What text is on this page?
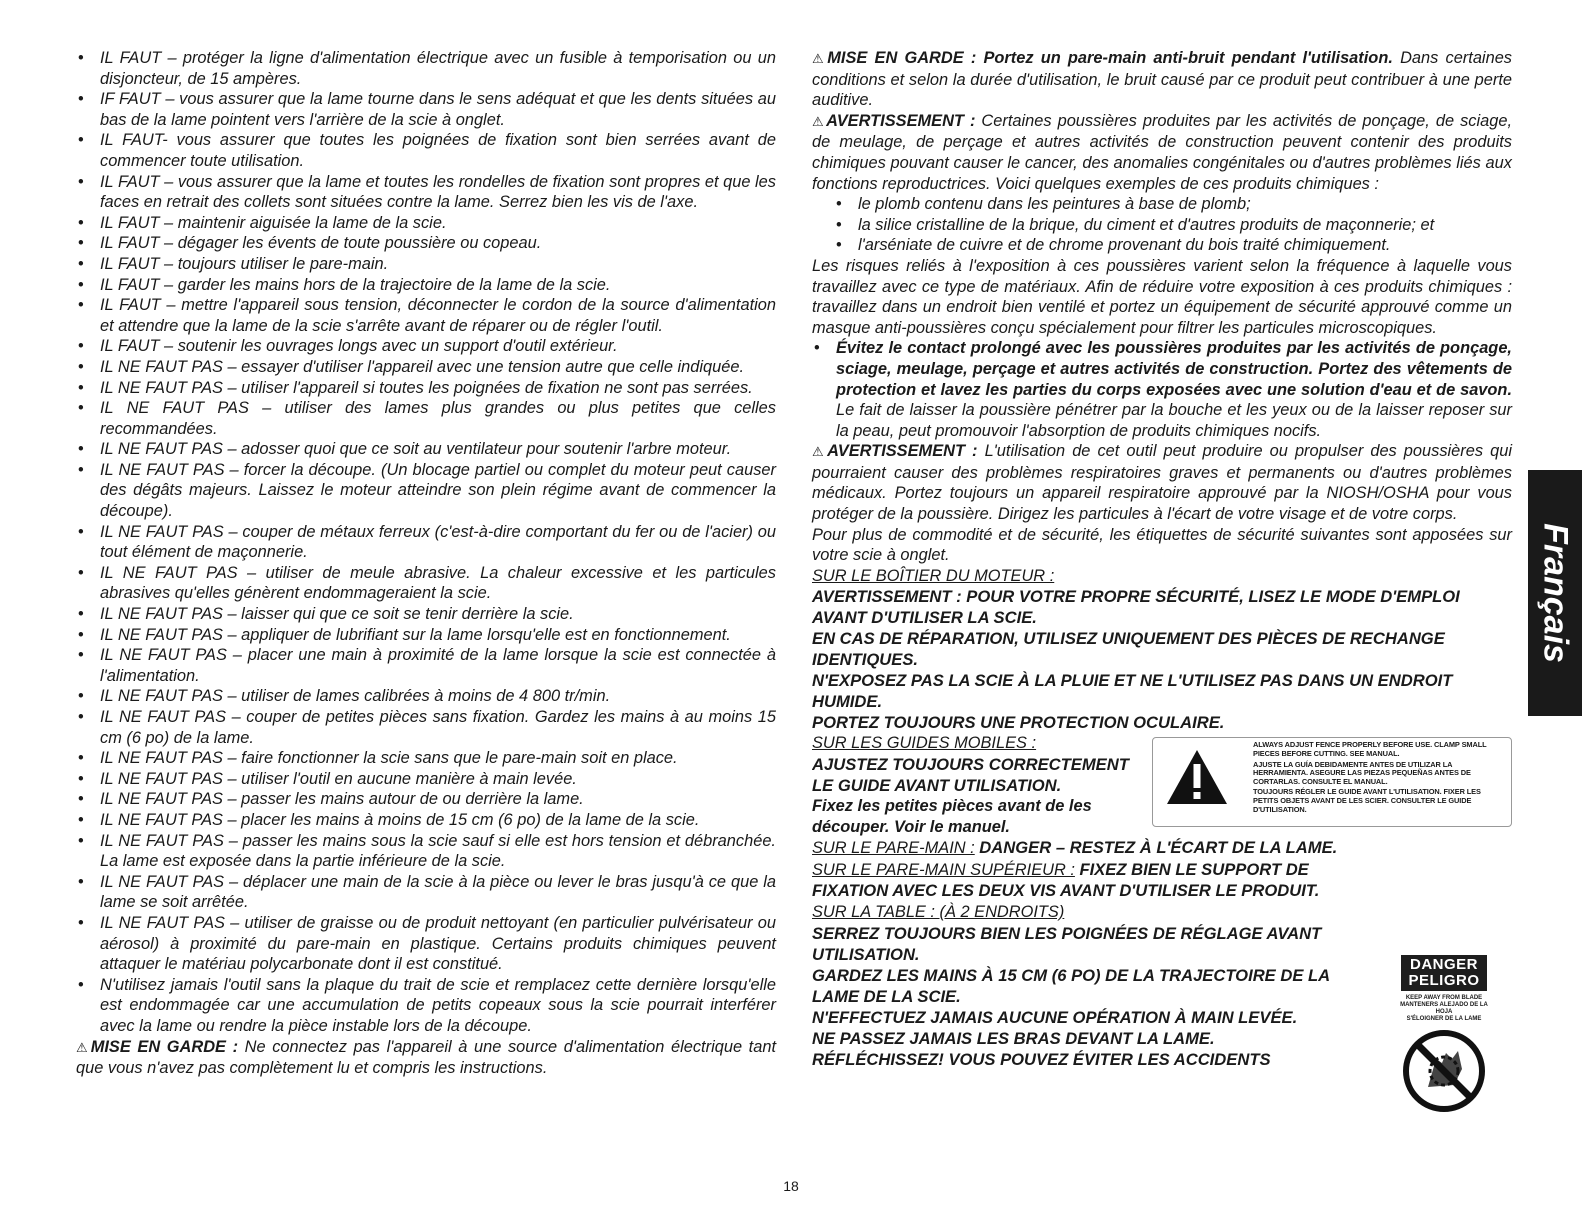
• IL FAUT – protéger la ligne d'alimentation électrique avec un fusible à temporisation ou un disjoncteur, de 15 ampères.
• IF FAUT – vous assurer que la lame tourne dans le sens adéquat et que les dents situées au bas de la lame pointent vers l'arrière de la scie à onglet.
• IL FAUT- vous assurer que toutes les poignées de fixation sont bien serrées avant de commencer toute utilisation.
• IL FAUT – vous assurer que la lame et toutes les rondelles de fixation sont propres et que les faces en retrait des collets sont situées contre la lame. Serrez bien les vis de l'axe.
• IL FAUT – maintenir aiguisée la lame de la scie.
• IL FAUT – dégager les évents de toute poussière ou copeau.
• IL FAUT – toujours utiliser le pare-main.
• IL FAUT – garder les mains hors de la trajectoire de la lame de la scie.
• IL FAUT – mettre l'appareil sous tension, déconnecter le cordon de la source d'alimentation et attendre que la lame de la scie s'arrête avant de réparer ou de régler l'outil.
• IL FAUT – soutenir les ouvrages longs avec un support d'outil extérieur.
• IL NE FAUT PAS – essayer d'utiliser l'appareil avec une tension autre que celle indiquée.
• IL NE FAUT PAS – utiliser l'appareil si toutes les poignées de fixation ne sont pas serrées.
• IL NE FAUT PAS – utiliser des lames plus grandes ou plus petites que celles recommandées.
• IL NE FAUT PAS – adosser quoi que ce soit au ventilateur pour soutenir l'arbre moteur.
• IL NE FAUT PAS – forcer la découpe. (Un blocage partiel ou complet du moteur peut causer des dégâts majeurs. Laissez le moteur atteindre son plein régime avant de commencer la découpe).
• IL NE FAUT PAS – couper de métaux ferreux (c'est-à-dire comportant du fer ou de l'acier) ou tout élément de maçonnerie.
• IL NE FAUT PAS – utiliser de meule abrasive. La chaleur excessive et les particules abrasives qu'elles génèrent endommageraient la scie.
• IL NE FAUT PAS – laisser qui que ce soit se tenir derrière la scie.
• IL NE FAUT PAS – appliquer de lubrifiant sur la lame lorsqu'elle est en fonctionnement.
• IL NE FAUT PAS – placer une main à proximité de la lame lorsque la scie est connectée à l'alimentation.
• IL NE FAUT PAS – utiliser de lames calibrées à moins de 4 800 tr/min.
• IL NE FAUT PAS – couper de petites pièces sans fixation. Gardez les mains à au moins 15 cm (6 po) de la lame.
• IL NE FAUT PAS – faire fonctionner la scie sans que le pare-main soit en place.
• IL NE FAUT PAS – utiliser l'outil en aucune manière à main levée.
• IL NE FAUT PAS – passer les mains autour de ou derrière la lame.
• IL NE FAUT PAS – placer les mains à moins de 15 cm (6 po) de la lame de la scie.
• IL NE FAUT PAS – passer les mains sous la scie sauf si elle est hors tension et débranchée. La lame est exposée dans la partie inférieure de la scie.
• IL NE FAUT PAS – déplacer une main de la scie à la pièce ou lever le bras jusqu'à ce que la lame se soit arrêtée.
• IL NE FAUT PAS – utiliser de graisse ou de produit nettoyant (en particulier pulvérisateur ou aérosol) à proximité du pare-main en plastique. Certains produits chimiques peuvent attaquer le matériau polycarbonate dont il est constitué.
• N'utilisez jamais l'outil sans la plaque du trait de scie et remplacez cette dernière lorsqu'elle est endommagée car une accumulation de petits copeaux sous la scie pourrait interférer avec la lame ou rendre la pièce instable lors de la découpe.

⚠MISE EN GARDE : Ne connectez pas l'appareil à une source d'alimentation électrique tant que vous n'avez pas complètement lu et compris les instructions.

⚠MISE EN GARDE : Portez un pare-main anti-bruit pendant l'utilisation. Dans certaines conditions et selon la durée d'utilisation, le bruit causé par ce produit peut contribuer à une perte auditive.

⚠AVERTISSEMENT : Certaines poussières produites par les activités de ponçage, de sciage, de meulage, de perçage et autres activités de construction peuvent contenir des produits chimiques pouvant causer le cancer, des anomalies congénitales ou d'autres problèmes liés aux fonctions reproductrices. Voici quelques exemples de ces produits chimiques :

• le plomb contenu dans les peintures à base de plomb;
• la silice cristalline de la brique, du ciment et d'autres produits de maçonnerie; et
• l'arséniate de cuivre et de chrome provenant du bois traité chimiquement.

Les risques reliés à l'exposition à ces poussières varient selon la fréquence à laquelle vous travaillez avec ce type de matériaux. Afin de réduire votre exposition à ces produits chimiques : travaillez dans un endroit bien ventilé et portez un équipement de sécurité approuvé comme un masque anti-poussières conçu spécialement pour filtrer les particules microscopiques.

• Évitez le contact prolongé avec les poussières produites par les activités de ponçage, sciage, meulage, perçage et autres activités de construction. Portez des vêtements de protection et lavez les parties du corps exposées avec une solution d'eau et de savon. Le fait de laisser la poussière pénétrer par la bouche et les yeux ou de la laisser reposer sur la peau, peut promouvoir l'absorption de produits chimiques nocifs.

⚠AVERTISSEMENT : L'utilisation de cet outil peut produire ou propulser des poussières qui pourraient causer des problèmes respiratoires graves et permanents ou d'autres problèmes médicaux. Portez toujours un appareil respiratoire approuvé par la NIOSH/OSHA pour vous protéger de la poussière. Dirigez les particules à l'écart de votre visage et de votre corps.

Pour plus de commodité et de sécurité, les étiquettes de sécurité suivantes sont apposées sur votre scie à onglet.

SUR LE BOÎTIER DU MOTEUR :

AVERTISSEMENT : POUR VOTRE PROPRE SÉCURITÉ, LISEZ LE MODE D'EMPLOI AVANT D'UTILISER LA SCIE.

EN CAS DE RÉPARATION, UTILISEZ UNIQUEMENT DES PIÈCES DE RECHANGE IDENTIQUES.

N'EXPOSEZ PAS LA SCIE À LA PLUIE ET NE L'UTILISEZ PAS DANS UN ENDROIT HUMIDE.

PORTEZ TOUJOURS UNE PROTECTION OCULAIRE.

ALWAYS ADJUST FENCE PROPERLY BEFORE USE. CLAMP SMALL PIECES BEFORE CUTTING. SEE MANUAL.
AJUSTE LA GUÍA DEBIDAMENTE ANTES DE UTILIZAR LA HERRAMIENTA. ASEGURE LAS PIEZAS PEQUEÑAS ANTES DE CORTARLAS. CONSULTE EL MANUAL.
TOUJOURS RÉGLER LE GUIDE AVANT L'UTILISATION. FIXER LES PETITS OBJETS AVANT DE LES SCIER. CONSULTER LE GUIDE D'UTILISATION.

SUR LES GUIDES MOBILES :

AJUSTEZ TOUJOURS CORRECTEMENT LE GUIDE AVANT UTILISATION.

Fixez les petites pièces avant de les découper. Voir le manuel.

SUR LE PARE-MAIN : DANGER – RESTEZ À L'ÉCART DE LA LAME.

SUR LE PARE-MAIN SUPÉRIEUR : FIXEZ BIEN LE SUPPORT DE FIXATION AVEC LES DEUX VIS AVANT D'UTILISER LE PRODUIT.

SUR LA TABLE : (À 2 ENDROITS)

SERREZ TOUJOURS BIEN LES POIGNÉES DE RÉGLAGE AVANT UTILISATION.

GARDEZ LES MAINS À 15 CM (6 PO) DE LA TRAJECTOIRE DE LA LAME DE LA SCIE.

N'EFFECTUEZ JAMAIS AUCUNE OPÉRATION À MAIN LEVÉE.

NE PASSEZ JAMAIS LES BRAS DEVANT LA LAME.

RÉFLÉCHISSEZ! VOUS POUVEZ ÉVITER LES ACCIDENTS

DANGER
PELIGRO
KEEP AWAY FROM BLADE
MANTENERS ALEJADO DE LA HOJA
S'ÉLOIGNER DE LA LAME
Français
18
